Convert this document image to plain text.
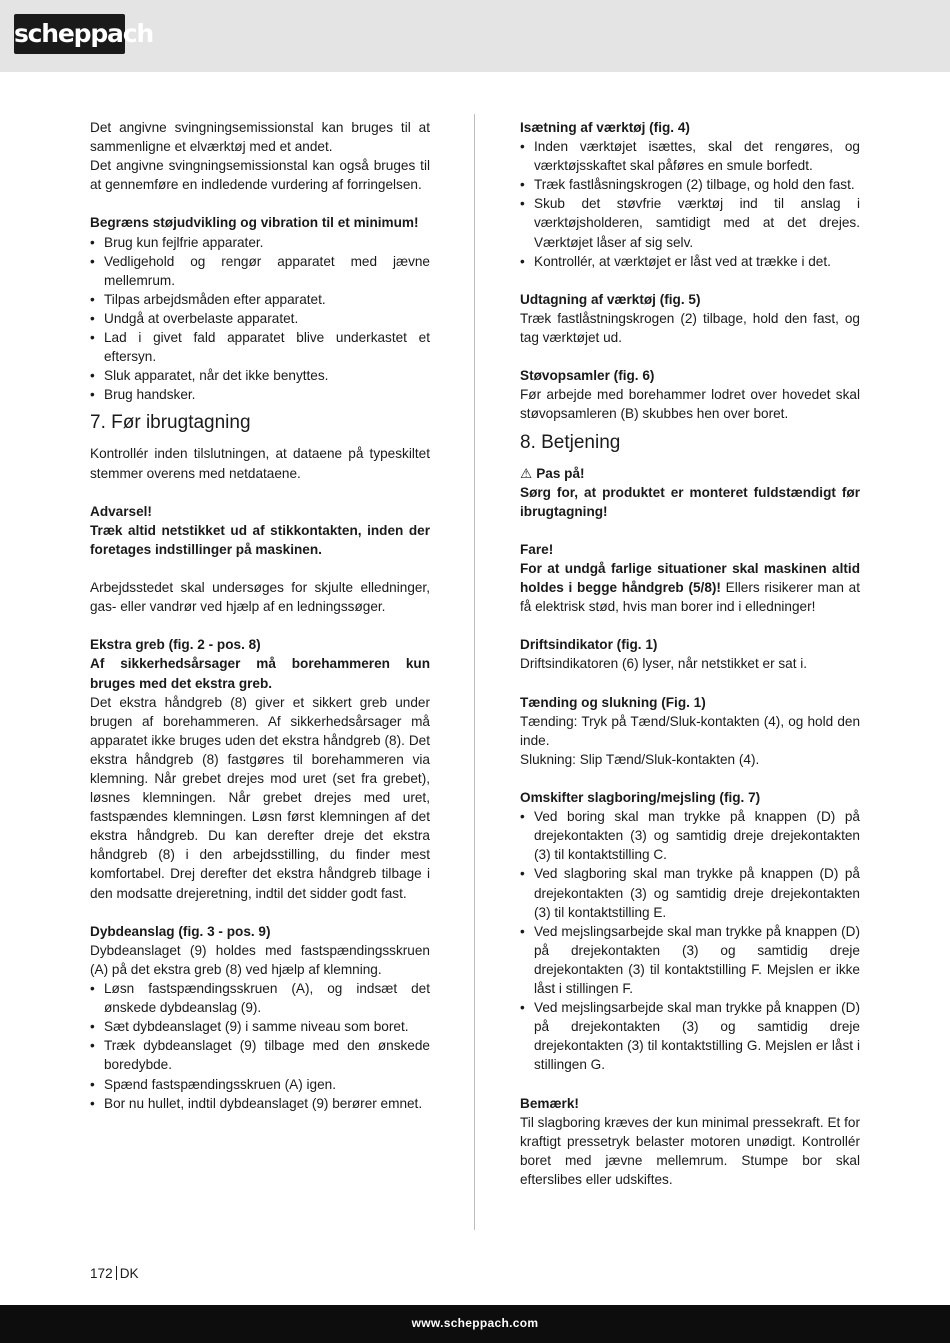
scheppach

Det angivne svingningsemissionstal kan bruges til at sammenligne et elværktøj med et andet.

Det angivne svingningsemissionstal kan også bruges til at gennemføre en indledende vurdering af forringelsen.

Begræns støjudvikling og vibration til et minimum!

• Brug kun fejlfrie apparater.
• Vedligehold og rengør apparatet med jævne mellemrum.
• Tilpas arbejdsmåden efter apparatet.
• Undgå at overbelaste apparatet.
• Lad i givet fald apparatet blive underkastet et eftersyn.
• Sluk apparatet, når det ikke benyttes.
• Brug handsker.
7. Før ibrugtagning

Kontrollér inden tilslutningen, at dataene på typeskiltet stemmer overens med netdataene.

Advarsel!

Træk altid netstikket ud af stikkontakten, inden der foretages indstillinger på maskinen.

Arbejdsstedet skal undersøges for skjulte elledninger, gas- eller vandrør ved hjælp af en ledningssøger.

Ekstra greb (fig. 2 - pos. 8)

Af sikkerhedsårsager må borehammeren kun bruges med det ekstra greb.

Det ekstra håndgreb (8) giver et sikkert greb under brugen af borehammeren. Af sikkerhedsårsager må apparatet ikke bruges uden det ekstra håndgreb (8). Det ekstra håndgreb (8) fastgøres til borehammeren via klemning. Når grebet drejes mod uret (set fra grebet), løsnes klemningen. Når grebet drejes med uret, fastspændes klemningen. Løsn først klemningen af det ekstra håndgreb. Du kan derefter dreje det ekstra håndgreb (8) i den arbejdsstilling, du finder mest komfortabel. Drej derefter det ekstra håndgreb tilbage i den modsatte drejeretning, indtil det sidder godt fast.

Dybdeanslag (fig. 3 - pos. 9)

Dybdeanslaget (9) holdes med fastspændingsskruen (A) på det ekstra greb (8) ved hjælp af klemning.

• Løsn fastspændingsskruen (A), og indsæt det ønskede dybdeanslag (9).
• Sæt dybdeanslaget (9) i samme niveau som boret.
• Træk dybdeanslaget (9) tilbage med den ønskede boredybde.
• Spænd fastspændingsskruen (A) igen.
• Bor nu hullet, indtil dybdeanslaget (9) berører emnet.

Isætning af værktøj (fig. 4)

• Inden værktøjet isættes, skal det rengøres, og værktøjsskaftet skal påføres en smule borfedt.
• Træk fastlåsningskrogen (2) tilbage, og hold den fast.
• Skub det støvfrie værktøj ind til anslag i værktøjsholderen, samtidigt med at det drejes. Værktøjet låser af sig selv.
• Kontrollér, at værktøjet er låst ved at trække i det.

Udtagning af værktøj (fig. 5)

Træk fastlåstningskrogen (2) tilbage, hold den fast, og tag værktøjet ud.

Støvopsamler (fig. 6)

Før arbejde med borehammer lodret over hovedet skal støvopsamleren (B) skubbes hen over boret.

8. Betjening

⚠ Pas på!

Sørg for, at produktet er monteret fuldstændigt før ibrugtagning!

Fare!

For at undgå farlige situationer skal maskinen altid holdes i begge håndgreb (5/8)! Ellers risikerer man at få elektrisk stød, hvis man borer ind i elledninger!

Driftsindikator (fig. 1)

Driftsindikatoren (6) lyser, når netstikket er sat i.

Tænding og slukning (Fig. 1)

Tænding: Tryk på Tænd/Sluk-kontakten (4), og hold den inde.

Slukning: Slip Tænd/Sluk-kontakten (4).

Omskifter slagboring/mejsling (fig. 7)

• Ved boring skal man trykke på knappen (D) på drejekontakten (3) og samtidig dreje drejekontakten (3) til kontaktstilling C.
• Ved slagboring skal man trykke på knappen (D) på drejekontakten (3) og samtidig dreje drejekontakten (3) til kontaktstilling E.
• Ved mejslingsarbejde skal man trykke på knappen (D) på drejekontakten (3) og samtidig dreje drejekontakten (3) til kontaktstilling F. Mejslen er ikke låst i stillingen F.
• Ved mejslingsarbejde skal man trykke på knappen (D) på drejekontakten (3) og samtidig dreje drejekontakten (3) til kontaktstilling G. Mejslen er låst i stillingen G.

Bemærk!

Til slagboring kræves der kun minimal pressekraft. Et for kraftigt pressetryk belaster motoren unødigt. Kontrollér boret med jævne mellemrum. Stumpe bor skal efterslibes eller udskiftes.

172 DK
www.scheppach.com
